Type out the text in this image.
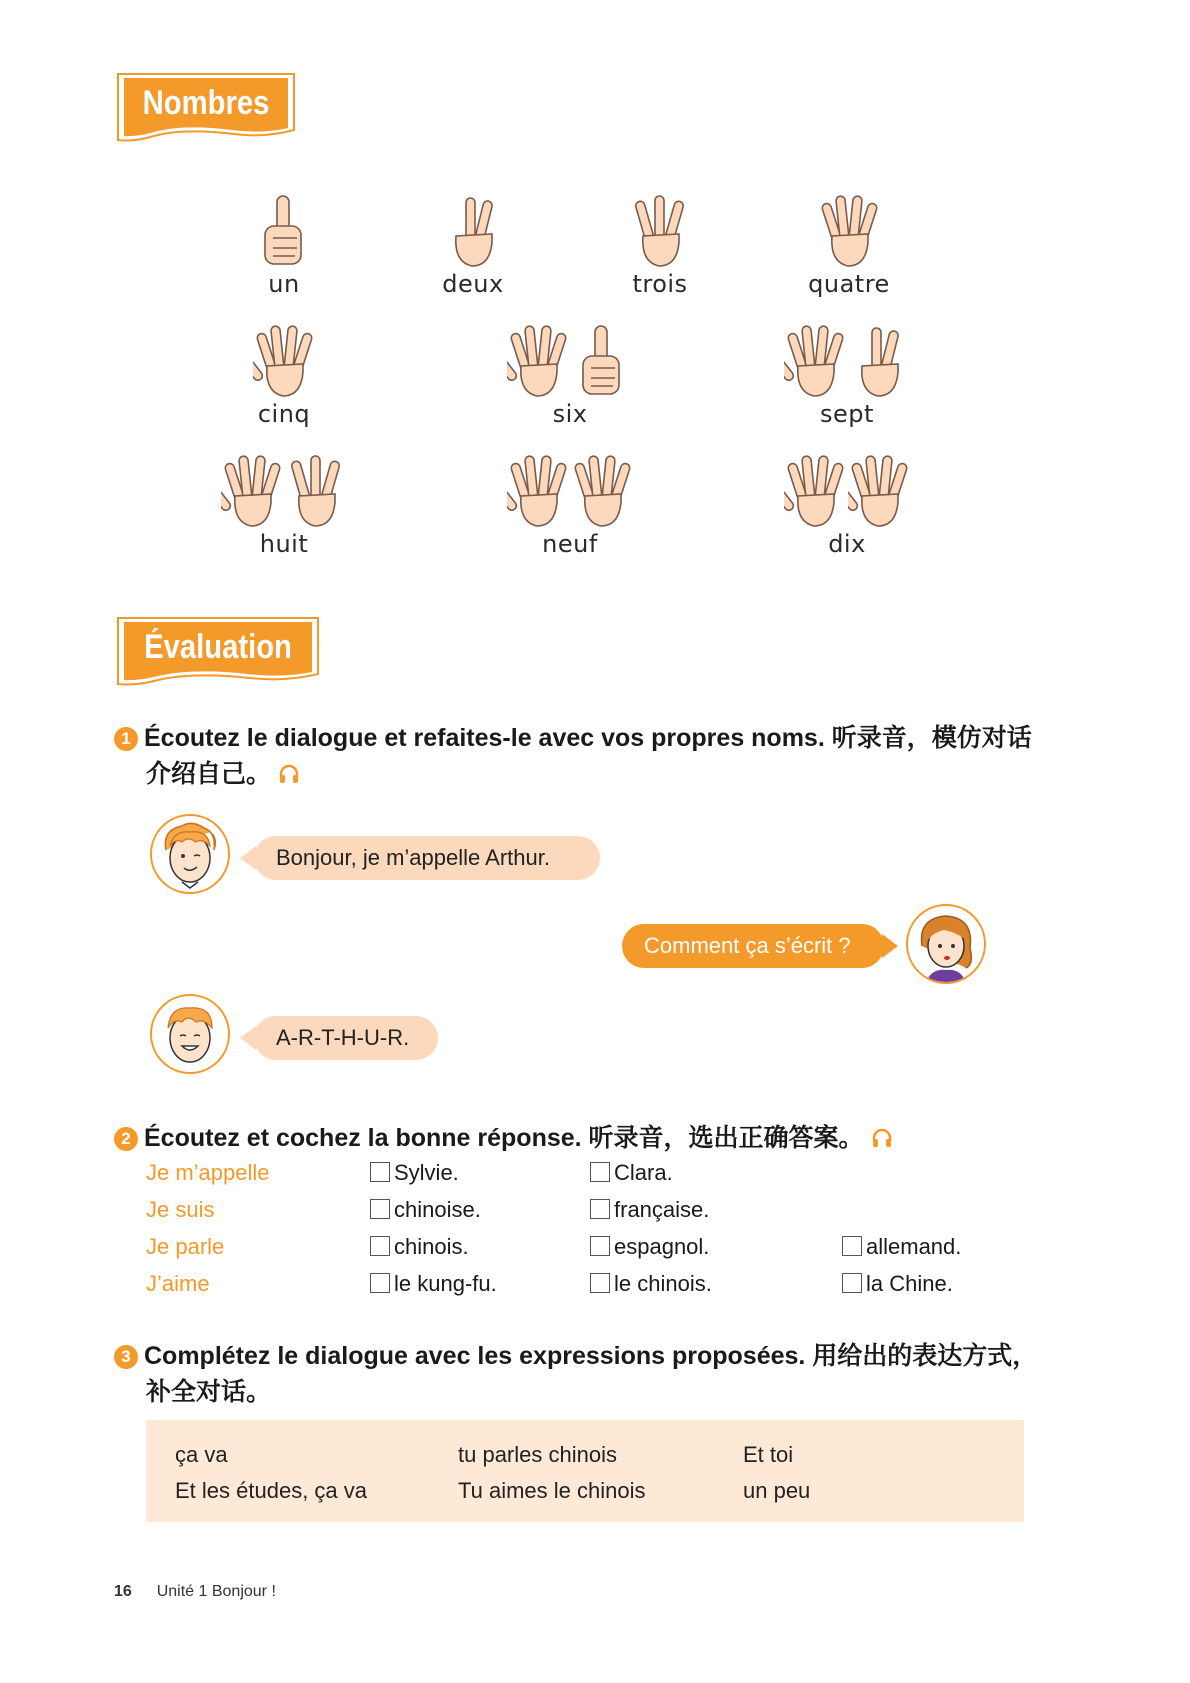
Nombres
un	deux	trois	quatre
cinq	six	sept
huit	neuf	dix
Évaluation
1 Écoutez le dialogue et refaites-le avec vos propres noms. 听录音，模仿对话
介绍自己。
Bonjour, je m’appelle Arthur.
Comment ça s’écrit ?
A-R-T-H-U-R.
2 Écoutez et cochez la bonne réponse. 听录音，选出正确答案。
Je m’appelle	Sylvie.	Clara.
Je suis	chinoise.	française.
Je parle	chinois.	espagnol.	allemand.
J’aime	le kung-fu.	le chinois.	la Chine.
3 Complétez le dialogue avec les expressions proposées. 用给出的表达方式，
补全对话。
ça va	tu parles chinois	Et toi
Et les études, ça va	Tu aimes le chinois	un peu
16 Unité 1 Bonjour !
